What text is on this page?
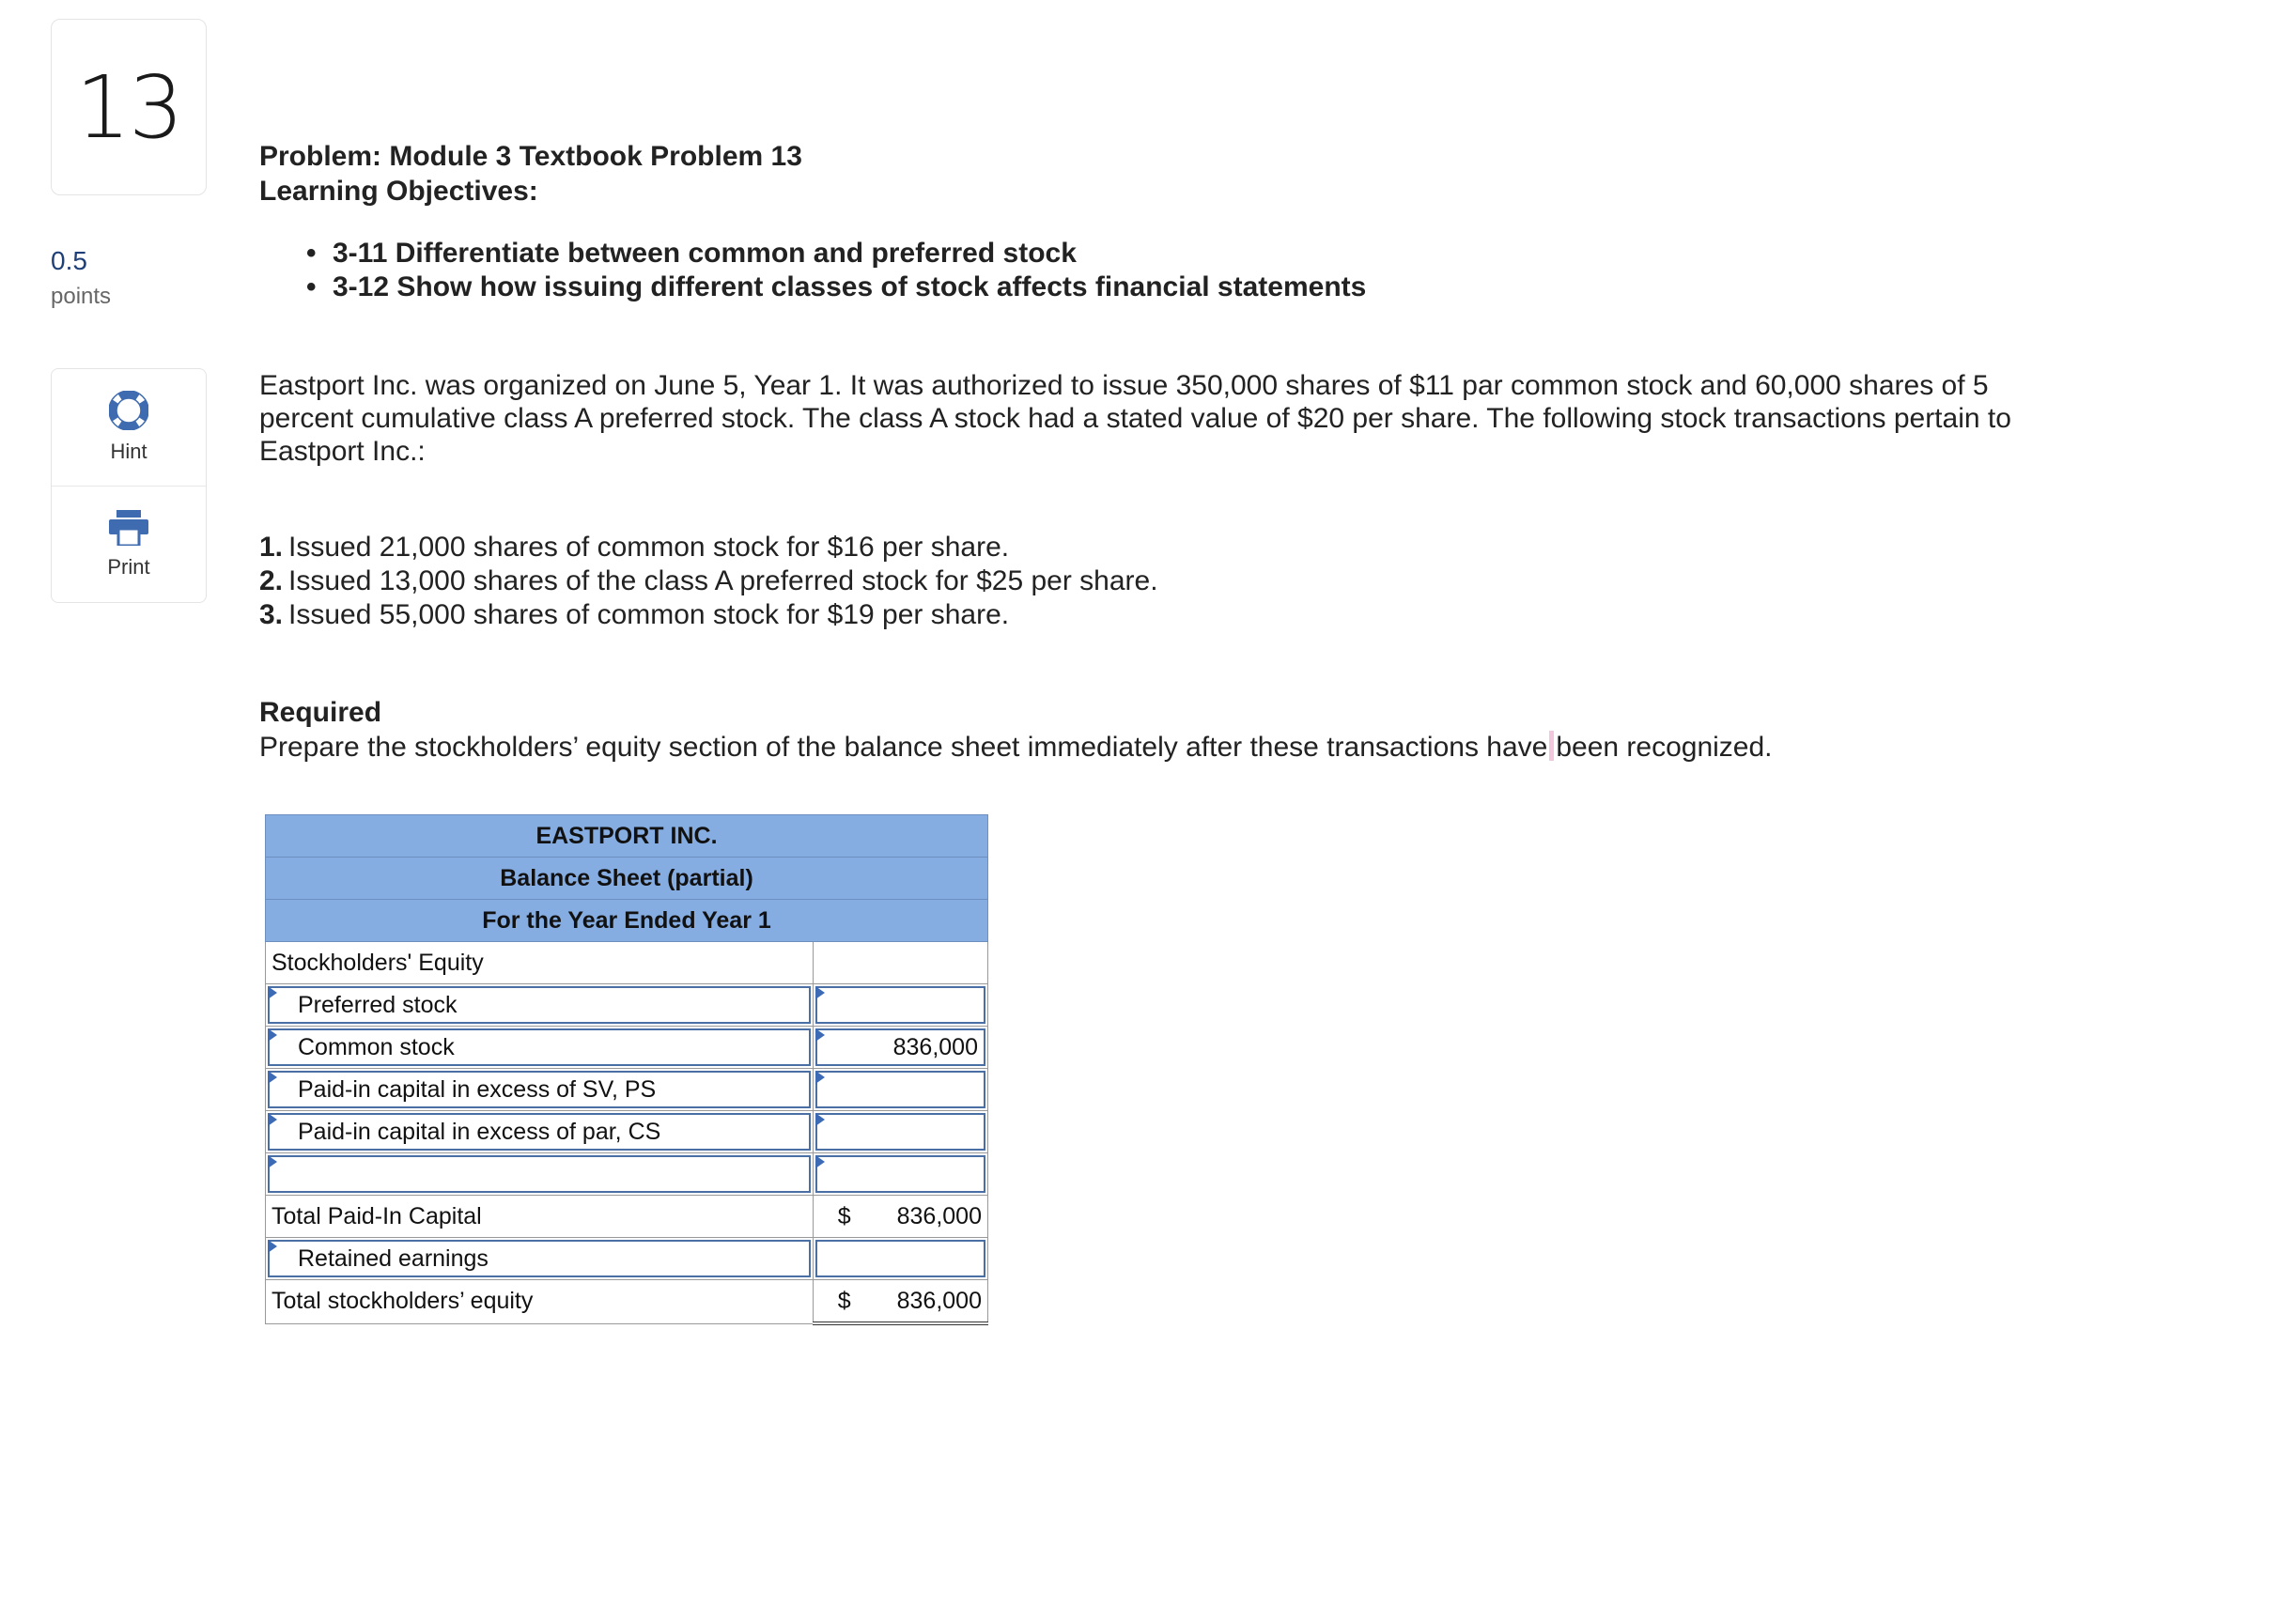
13
0.5
points
Hint
Print
Problem: Module 3 Textbook Problem 13
Learning Objectives:
• 3-11 Differentiate between common and preferred stock
• 3-12 Show how issuing different classes of stock affects financial statements
Eastport Inc. was organized on June 5, Year 1. It was authorized to issue 350,000 shares of $11 par common stock and 60,000 shares of 5 percent cumulative class A preferred stock. The class A stock had a stated value of $20 per share. The following stock transactions pertain to Eastport Inc.:
1. Issued 21,000 shares of common stock for $16 per share.
2. Issued 13,000 shares of the class A preferred stock for $25 per share.
3. Issued 55,000 shares of common stock for $19 per share.
Required
Prepare the stockholders’ equity section of the balance sheet immediately after these transactions have been recognized.
EASTPORT INC.	
Balance Sheet (partial)	
For the Year Ended Year 1	
Stockholders' Equity	

Preferred stock	

Common stock	836,000

Paid-in capital in excess of SV, PS	

Paid-in capital in excess of par, CS	

Total Paid-In Capital	$ 836,000

Retained earnings	

Total stockholders’ equity	$ 836,000
